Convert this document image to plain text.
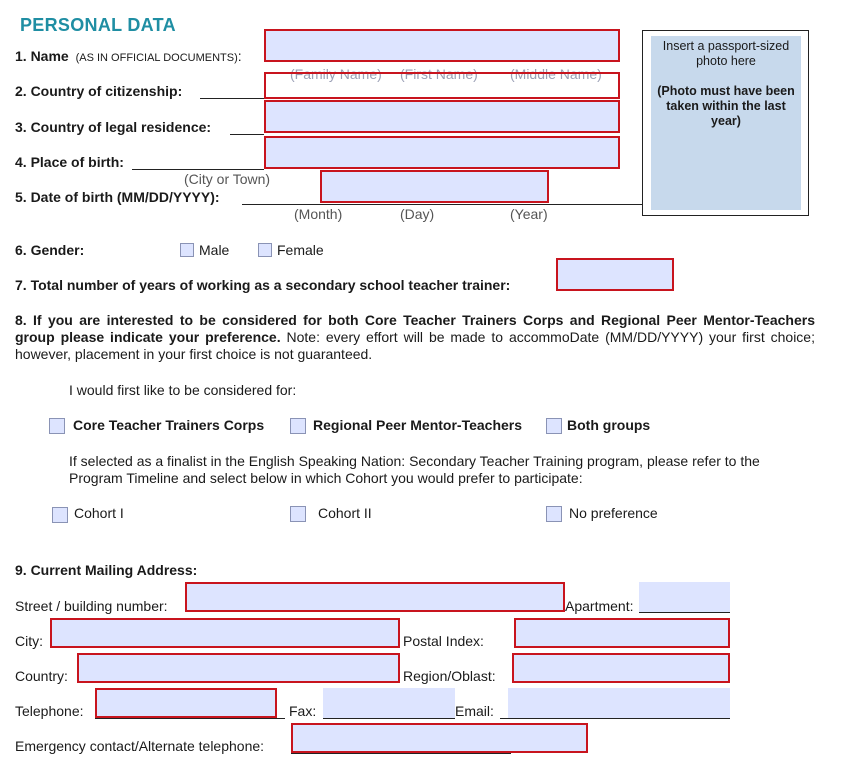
PERSONAL DATA

Insert a passport-sized photo here

(Photo must have been taken within the last year)

1. Name (AS IN OFFICIAL DOCUMENTS):
(Family Name) (First Name) (Middle Name)
2. Country of citizenship:
3. Country of legal residence:
4. Place of birth:
(City or Town)
5. Date of birth (MM/DD/YYYY):
(Month)	(Day)	(Year)
6. Gender:	Male	Female
7. Total number of years of working as a secondary school teacher trainer:
8. If you are interested to be considered for both Core Teacher Trainers Corps and Regional Peer Mentor-Teachers group please indicate your preference. Note: every effort will be made to accommoDate (MM/DD/YYYY) your first choice; however, placement in your first choice is not guaranteed.
I would first like to be considered for:
Core Teacher Trainers Corps	Regional Peer Mentor-Teachers	Both groups
If selected as a finalist in the English Speaking Nation: Secondary Teacher Training program, please refer to the Program Timeline and select below in which Cohort you would prefer to participate:
Cohort I	Cohort II	No preference
9. Current Mailing Address:
Street / building number:	Apartment:
City:	Postal Index:
Country:	Region/Oblast:
Telephone:	Fax:	Email:
Emergency contact/Alternate telephone:
